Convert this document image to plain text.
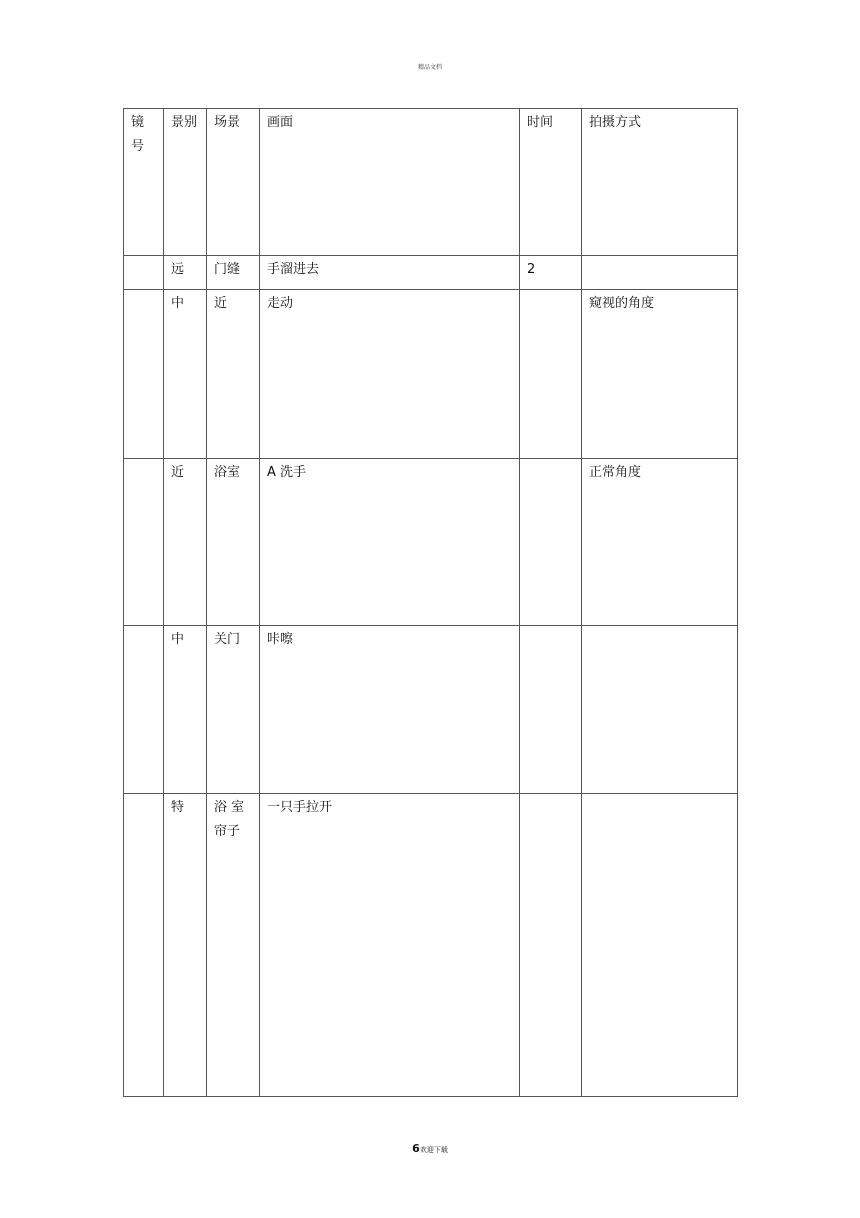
精品文档
镜号	景别	场景	画面	时间	拍摄方式
	远	门缝	手溜进去	2	
	中	近	走动		窥视的角度
	近	浴室	A 洗手		正常角度
	中	关门	咔嚓		
	特	浴 室 帘子	一只手拉开		
6欢迎下载
